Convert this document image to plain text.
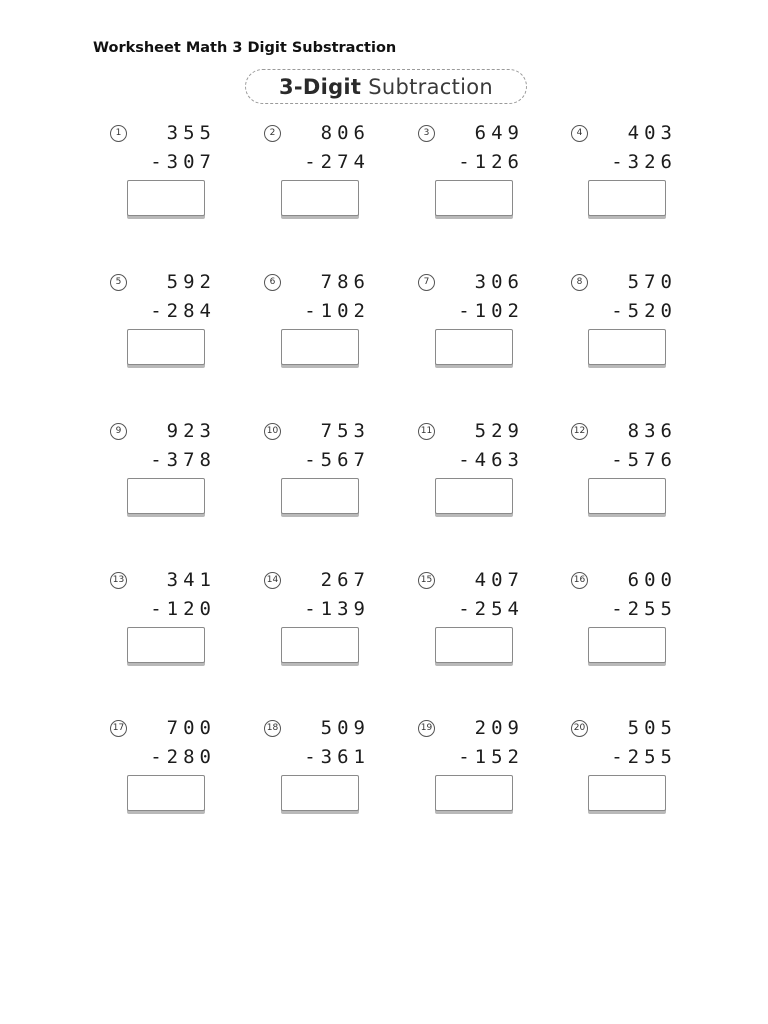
Worksheet Math 3 Digit Substraction
3-Digit Subtraction
1	355
-307
2	806
-274
3	649
-126
4	403
-326
5	592
-284
6	786
-102
7	306
-102
8	570
-520
9	923
-378
10	753
-567
11	529
-463
12	836
-576
13	341
-120
14	267
-139
15	407
-254
16	600
-255
17	700
-280
18	509
-361
19	209
-152
20	505
-255
